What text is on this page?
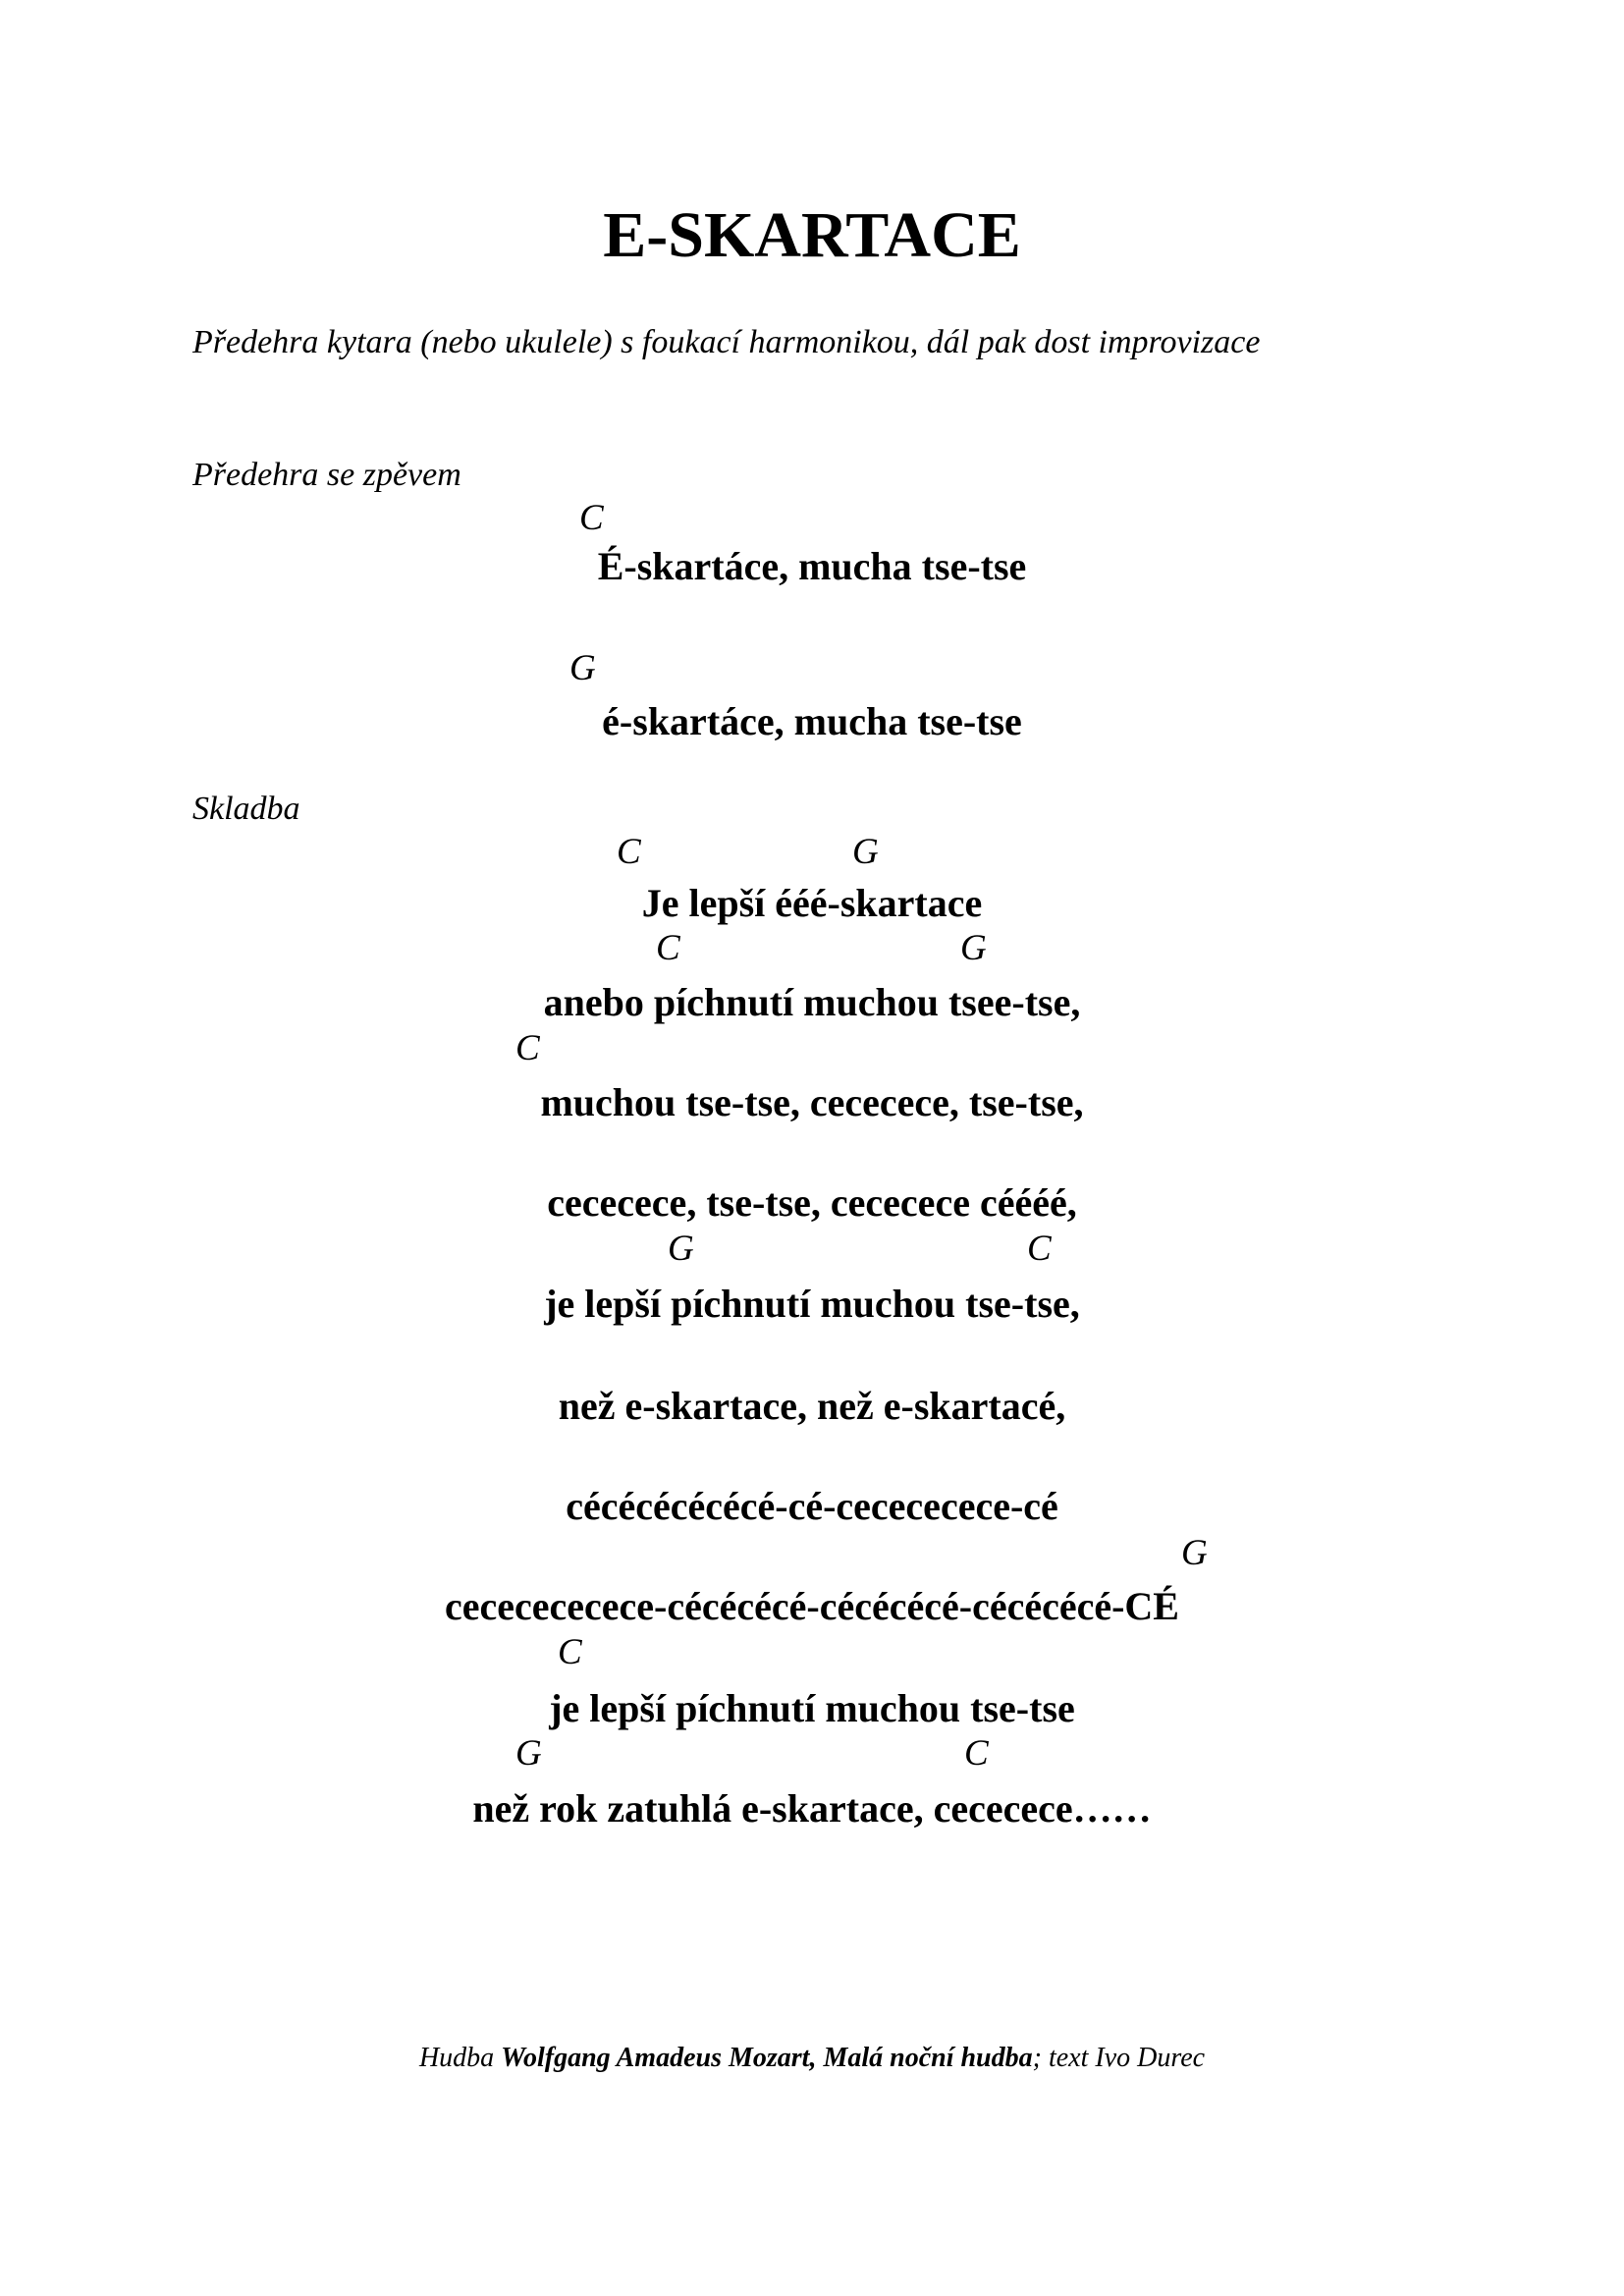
E-SKARTACE
Předehra kytara (nebo ukulele) s foukací harmonikou, dál pak dost improvizace
Předehra se zpěvem
C
É-skartáce, mucha tse-tse
G
é-skartáce, mucha tse-tse
Skladba
C	G
Je lepší ééé-skartace
C	G
anebo píchnutí muchou tsee-tse,
C
muchou tse-tse, cececece, tse-tse,
cececece, tse-tse, cececece céééé,
G	C
je lepší píchnutí muchou tse-tse,
než e-skartace, než e-skartacé,
cécécécécécé-cé-cecececece-cé
G
cececececece-cécécécé-cécécécé-cécécécé-CÉ
C
je lepší píchnutí muchou tse-tse
G	C
než rok zatuhlá e-skartace, cececece……
Hudba Wolfgang Amadeus Mozart, Malá noční hudba; text Ivo Durec
